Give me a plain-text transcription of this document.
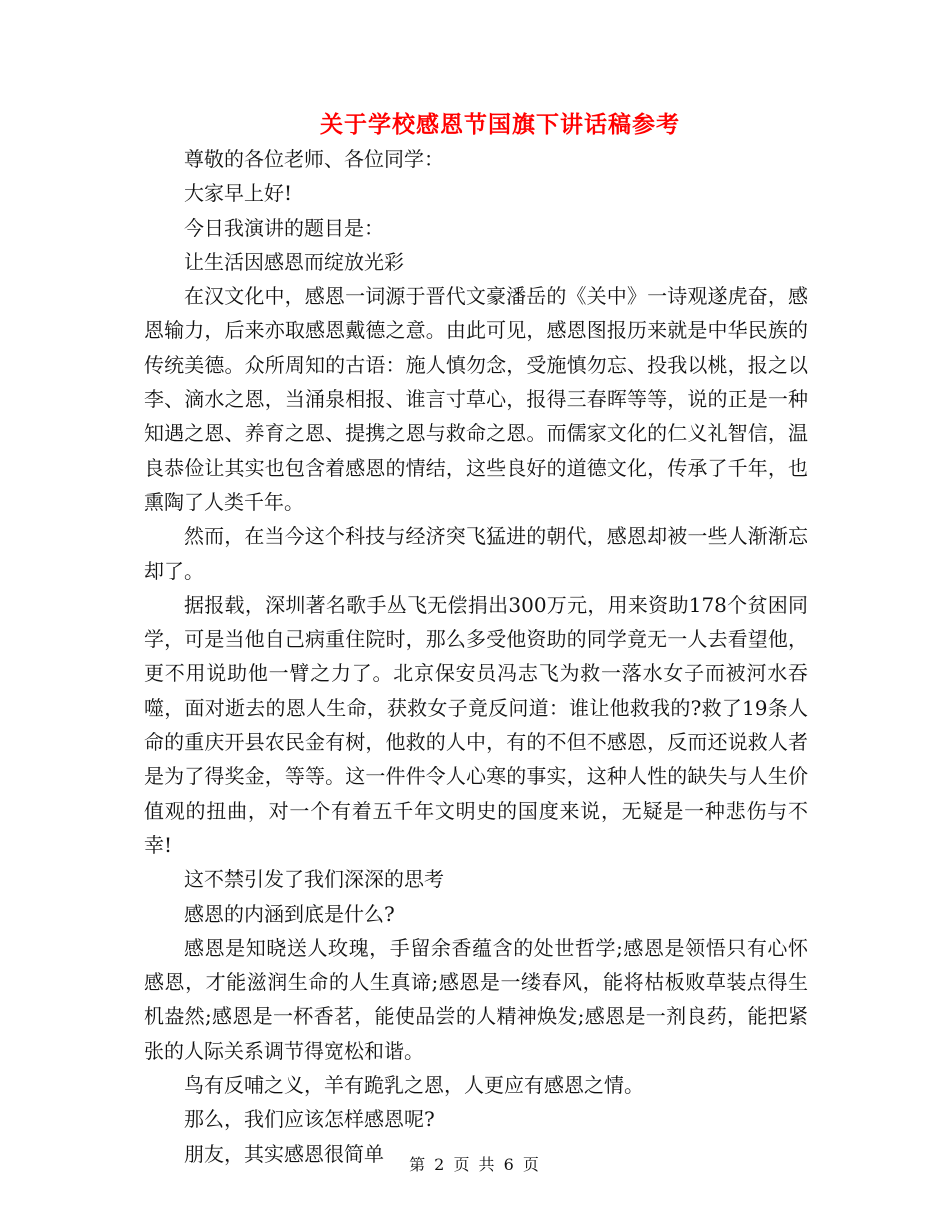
关于学校感恩节国旗下讲话稿参考

尊敬的各位老师、各位同学：

大家早上好!

今日我演讲的题目是：

让生活因感恩而绽放光彩

在汉文化中，感恩一词源于晋代文豪潘岳的《关中》一诗观遂虎奋，感恩输力，后来亦取感恩戴德之意。由此可见，感恩图报历来就是中华民族的传统美德。众所周知的古语：施人慎勿念，受施慎勿忘、投我以桃，报之以李、滴水之恩，当涌泉相报、谁言寸草心，报得三春晖等等，说的正是一种知遇之恩、养育之恩、提携之恩与救命之恩。而儒家文化的仁义礼智信，温良恭俭让其实也包含着感恩的情结，这些良好的道德文化，传承了千年，也熏陶了人类千年。

然而，在当今这个科技与经济突飞猛进的朝代，感恩却被一些人渐渐忘却了。

据报载，深圳著名歌手丛飞无偿捐出300万元，用来资助178个贫困同学，可是当他自己病重住院时，那么多受他资助的同学竟无一人去看望他，更不用说助他一臂之力了。北京保安员冯志飞为救一落水女子而被河水吞噬，面对逝去的恩人生命，获救女子竟反问道：谁让他救我的?救了19条人命的重庆开县农民金有树，他救的人中，有的不但不感恩，反而还说救人者是为了得奖金，等等。这一件件令人心寒的事实，这种人性的缺失与人生价值观的扭曲，对一个有着五千年文明史的国度来说，无疑是一种悲伤与不幸!

这不禁引发了我们深深的思考

感恩的内涵到底是什么?

感恩是知晓送人玫瑰，手留余香蕴含的处世哲学;感恩是领悟只有心怀感恩，才能滋润生命的人生真谛;感恩是一缕春风，能将枯板败草装点得生机盎然;感恩是一杯香茗，能使品尝的人精神焕发;感恩是一剂良药，能把紧张的人际关系调节得宽松和谐。

鸟有反哺之义，羊有跪乳之恩，人更应有感恩之情。

那么，我们应该怎样感恩呢?

朋友，其实感恩很简单	第 2 页 共 6 页
